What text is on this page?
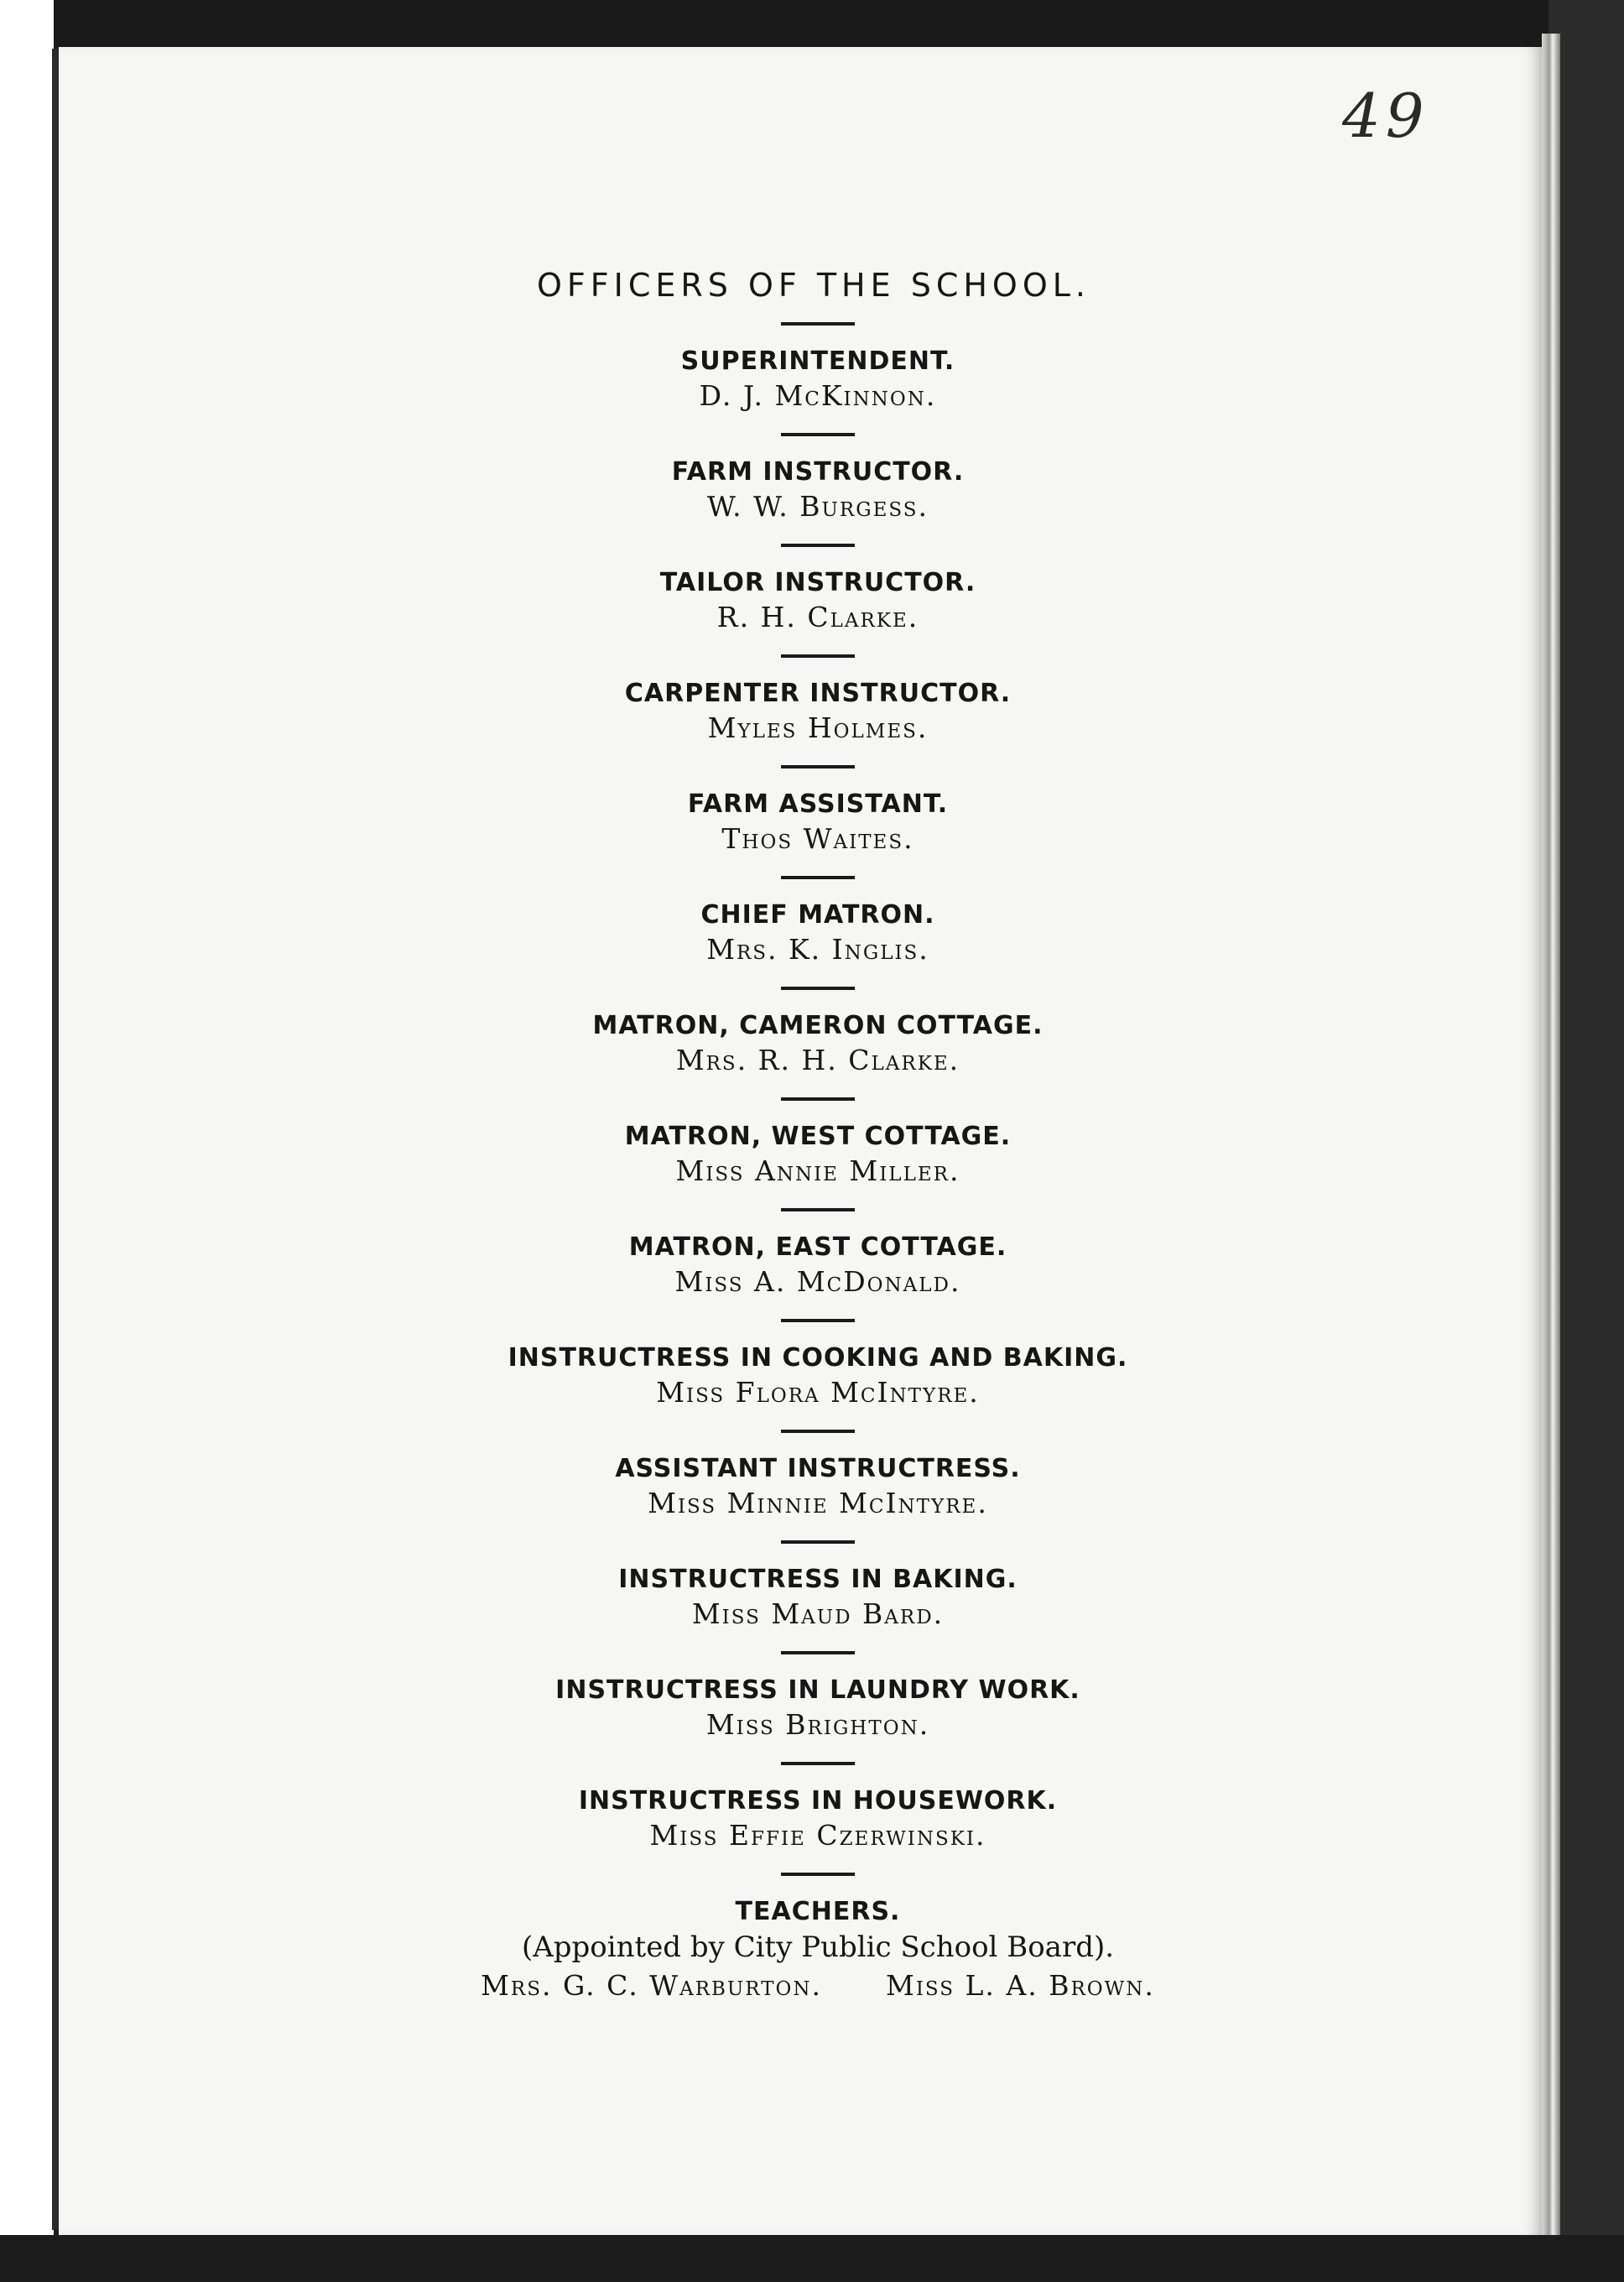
49
OFFICERS OF THE SCHOOL.
SUPERINTENDENT.
D. J. McKinnon.
FARM INSTRUCTOR.
W. W. Burgess.
TAILOR INSTRUCTOR.
R. H. Clarke.
CARPENTER INSTRUCTOR.
Myles Holmes.
FARM ASSISTANT.
Thos Waites.
CHIEF MATRON.
Mrs. K. Inglis.
MATRON, CAMERON COTTAGE.
Mrs. R. H. Clarke.
MATRON, WEST COTTAGE.
Miss Annie Miller.
MATRON, EAST COTTAGE.
Miss A. McDonald.
INSTRUCTRESS IN COOKING AND BAKING.
Miss Flora McIntyre.
ASSISTANT INSTRUCTRESS.
Miss Minnie McIntyre.
INSTRUCTRESS IN BAKING.
Miss Maud Bard.
INSTRUCTRESS IN LAUNDRY WORK.
Miss Brighton.
INSTRUCTRESS IN HOUSEWORK.
Miss Effie Czerwinski.
TEACHERS.
(Appointed by City Public School Board).
Mrs. G. C. Warburton. Miss L. A. Brown.
